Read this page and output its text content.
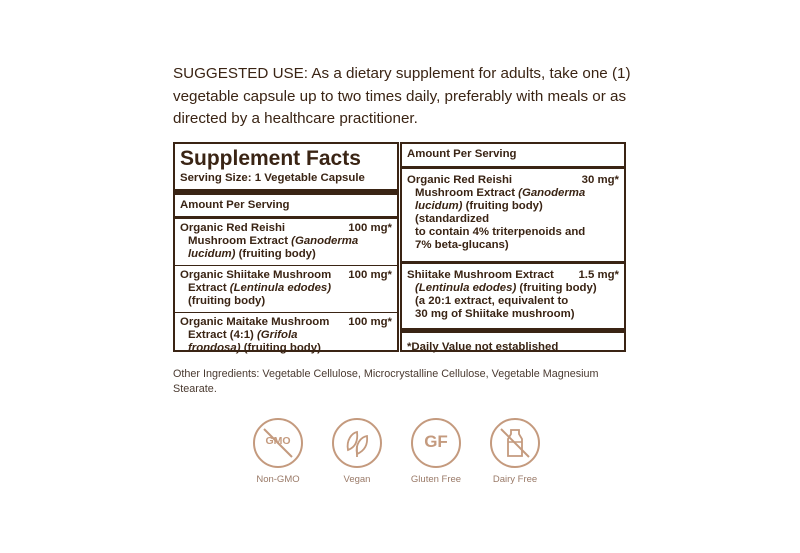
SUGGESTED USE: As a dietary supplement for adults, take one (1) vegetable capsule up to two times daily, preferably with meals or as directed by a healthcare practitioner.
Supplement Facts
Serving Size: 1 Vegetable Capsule
Amount Per Serving
Organic Red Reishi	100 mg*
Mushroom Extract (Ganoderma
lucidum) (fruiting body)
Organic Shiitake Mushroom 100 mg*
Extract (Lentinula edodes)
(fruiting body)
Organic Maitake Mushroom 100 mg*
Extract (4:1) (Grifola
frondosa) (fruiting body)
Amount Per Serving
Organic Red Reishi	30 mg*
Mushroom Extract (Ganoderma
lucidum) (fruiting body) (standardized
to contain 4% triterpenoids and
7% beta-glucans)
Shiitake Mushroom Extract 1.5 mg*
(Lentinula edodes) (fruiting body)
(a 20:1 extract, equivalent to
30 mg of Shiitake mushroom)
*Daily Value not established
Other Ingredients: Vegetable Cellulose, Microcrystalline Cellulose, Vegetable Magnesium Stearate.
GMO
Non-GMO	Vegan
GF
Gluten Free	Dairy Free
